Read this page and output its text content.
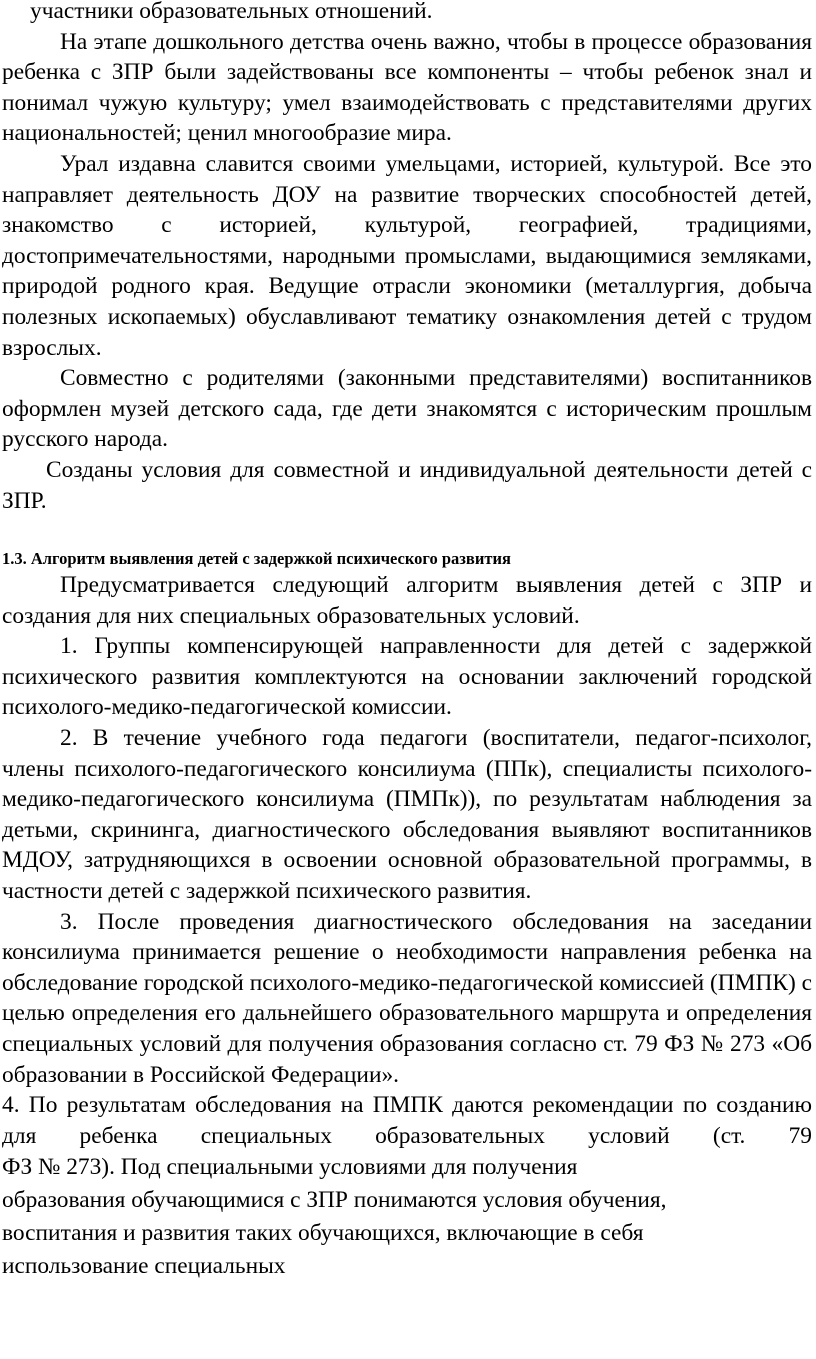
участники образовательных отношений.

На этапе дошкольного детства очень важно, чтобы в процессе образования ребенка с ЗПР были задействованы все компоненты – чтобы ребенок знал и понимал чужую культуру; умел взаимодействовать с представителями других национальностей; ценил многообразие мира.

Урал издавна славится своими умельцами, историей, культурой. Все это направляет деятельность ДОУ на развитие творческих способностей детей, знакомство с историей, культурой, географией, традициями, достопримечательностями, народными промыслами, выдающимися земляками, природой родного края. Ведущие отрасли экономики (металлургия, добыча полезных ископаемых) обуславливают тематику ознакомления детей с трудом взрослых.

Совместно с родителями (законными представителями) воспитанников оформлен музей детского сада, где дети знакомятся с историческим прошлым русского народа.

Созданы условия для совместной и индивидуальной деятельности детей с ЗПР.

1.3. Алгоритм выявления детей с задержкой психического развития

Предусматривается следующий алгоритм выявления детей с ЗПР и создания для них специальных образовательных условий.

1. Группы компенсирующей направленности для детей с задержкой психического развития комплектуются на основании заключений городской психолого-медико-педагогической комиссии.

2. В течение учебного года педагоги (воспитатели, педагог-психолог, члены психолого-педагогического консилиума (ППк), специалисты психолого-медико-педагогического консилиума (ПМПк)), по результатам наблюдения за детьми, скрининга, диагностического обследования выявляют воспитанников МДОУ, затрудняющихся в освоении основной образовательной программы, в частности детей с задержкой психического развития.

3. После проведения диагностического обследования на заседании консилиума принимается решение о необходимости направления ребенка на обследование городской психолого-медико-педагогической комиссией (ПМПК) с целью определения его дальнейшего образовательного маршрута и определения специальных условий для получения образования согласно ст. 79 ФЗ № 273 «Об образовании в Российской Федерации».

4. По результатам обследования на ПМПК даются рекомендации по созданию для ребенка специальных образовательных условий (ст. 79

ФЗ № 273). Под специальными условиями для получения

образования обучающимися с ЗПР понимаются условия обучения,

воспитания и развития таких обучающихся, включающие в себя

использование специальных
